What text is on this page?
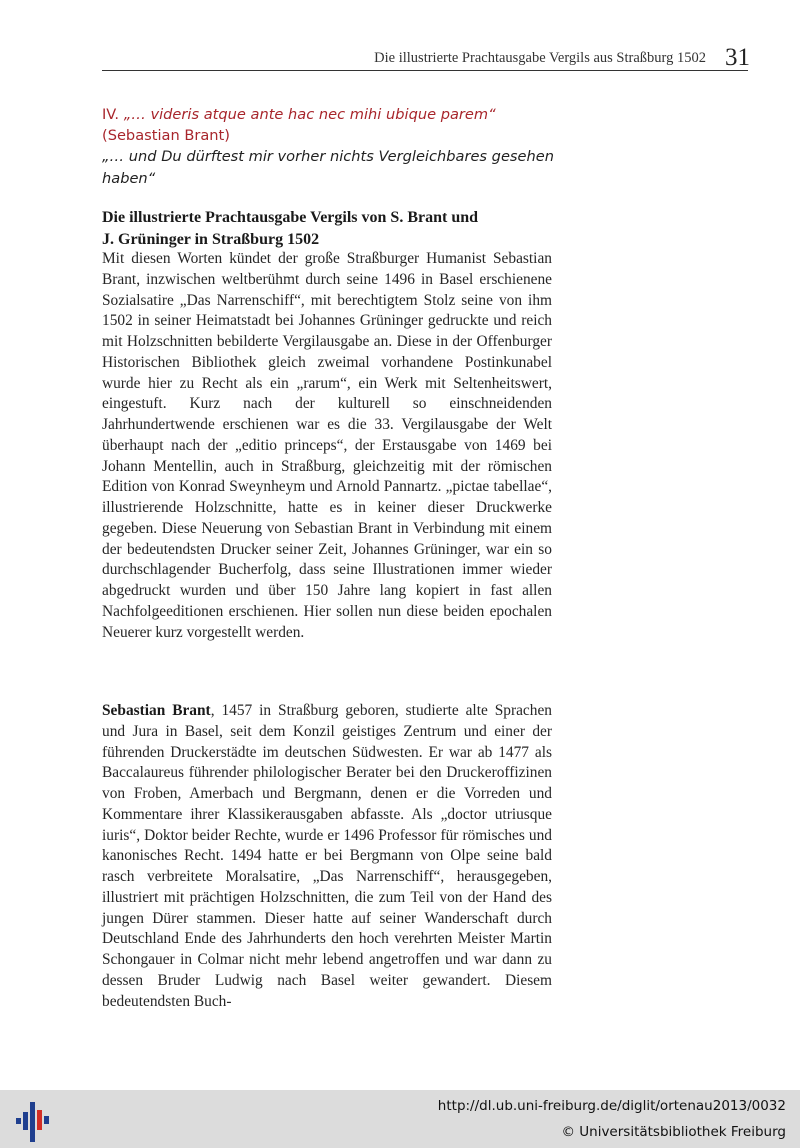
Die illustrierte Prachtausgabe Vergils aus Straßburg 1502 31
IV. „… videris atque ante hac nec mihi ubique parem“
(Sebastian Brant)
„… und Du dürftest mir vorher nichts Vergleichbares gesehen haben“
Die illustrierte Prachtausgabe Vergils von S. Brant und
J. Grüninger in Straßburg 1502

Mit diesen Worten kündet der große Straßburger Humanist Sebastian Brant, inzwischen weltberühmt durch seine 1496 in Basel erschienene Sozialsatire „Das Narrenschiff“, mit berechtigtem Stolz seine von ihm 1502 in seiner Heimatstadt bei Johannes Grüninger gedruckte und reich mit Holzschnitten bebilderte Vergilausgabe an. Diese in der Offenburger Historischen Bibliothek gleich zweimal vorhandene Postinkunabel wurde hier zu Recht als ein „rarum“, ein Werk mit Seltenheitswert, eingestuft. Kurz nach der kulturell so einschneidenden Jahrhundertwende erschienen war es die 33. Vergilausgabe der Welt überhaupt nach der „editio princeps“, der Erstausgabe von 1469 bei Johann Mentellin, auch in Straßburg, gleichzeitig mit der römischen Edition von Konrad Sweynheym und Arnold Pannartz. „pictae tabellae“, illustrierende Holzschnitte, hatte es in keiner dieser Druckwerke gegeben. Diese Neuerung von Sebastian Brant in Verbindung mit einem der bedeutendsten Drucker seiner Zeit, Johannes Grüninger, war ein so durchschlagender Bucherfolg, dass seine Illustrationen immer wieder abgedruckt wurden und über 150 Jahre lang kopiert in fast allen Nachfolgeeditionen erschienen. Hier sollen nun diese beiden epochalen Neuerer kurz vorgestellt werden.

Sebastian Brant, 1457 in Straßburg geboren, studierte alte Sprachen und Jura in Basel, seit dem Konzil geistiges Zentrum und einer der führenden Druckerstädte im deutschen Südwesten. Er war ab 1477 als Baccalaureus führender philologischer Berater bei den Druckeroffizinen von Froben, Amerbach und Bergmann, denen er die Vorreden und Kommentare ihrer Klassikerausgaben abfasste. Als „doctor utriusque iuris“, Doktor beider Rechte, wurde er 1496 Professor für römisches und kanonisches Recht. 1494 hatte er bei Bergmann von Olpe seine bald rasch verbreitete Moralsatire, „Das Narrenschiff“, herausgegeben, illustriert mit prächtigen Holzschnitten, die zum Teil von der Hand des jungen Dürer stammen. Dieser hatte auf seiner Wanderschaft durch Deutschland Ende des Jahrhunderts den hoch verehrten Meister Martin Schongauer in Colmar nicht mehr lebend angetroffen und war dann zu dessen Bruder Ludwig nach Basel weiter gewandert. Diesem bedeutendsten Buch-

http://dl.ub.uni-freiburg.de/diglit/ortenau2013/0032
© Universitätsbibliothek Freiburg
